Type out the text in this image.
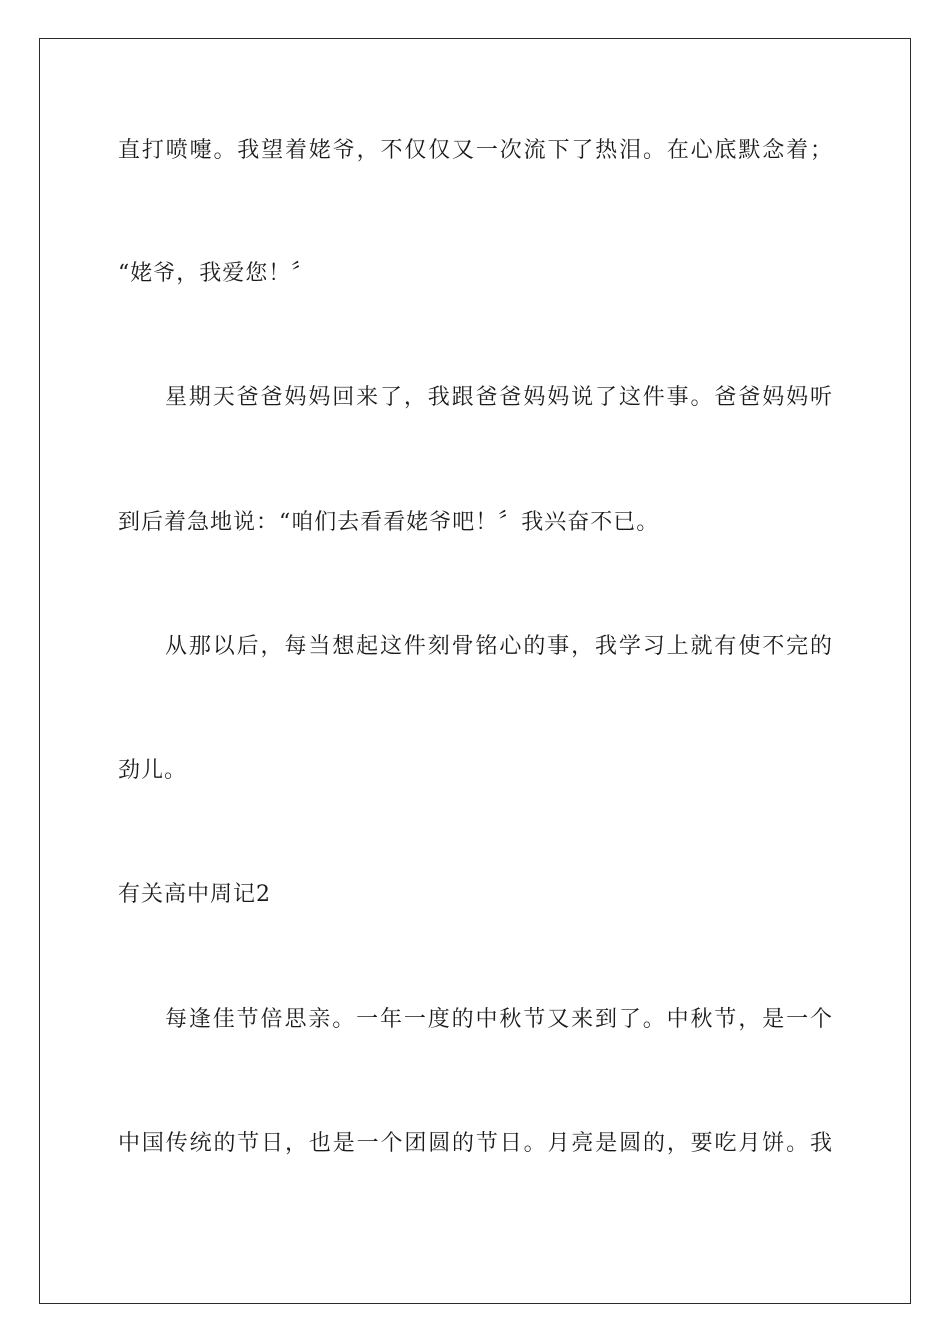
直打喷嚏。我望着姥爷，不仅仅又一次流下了热泪。在心底默念着；
“姥爷，我爱您！〞
星期天爸爸妈妈回来了，我跟爸爸妈妈说了这件事。爸爸妈妈听
到后着急地说：“咱们去看看姥爷吧！〞我兴奋不已。
从那以后，每当想起这件刻骨铭心的事，我学习上就有使不完的
劲儿。
有关高中周记2
每逢佳节倍思亲。一年一度的中秋节又来到了。中秋节，是一个
中国传统的节日，也是一个团圆的节日。月亮是圆的，要吃月饼。我
